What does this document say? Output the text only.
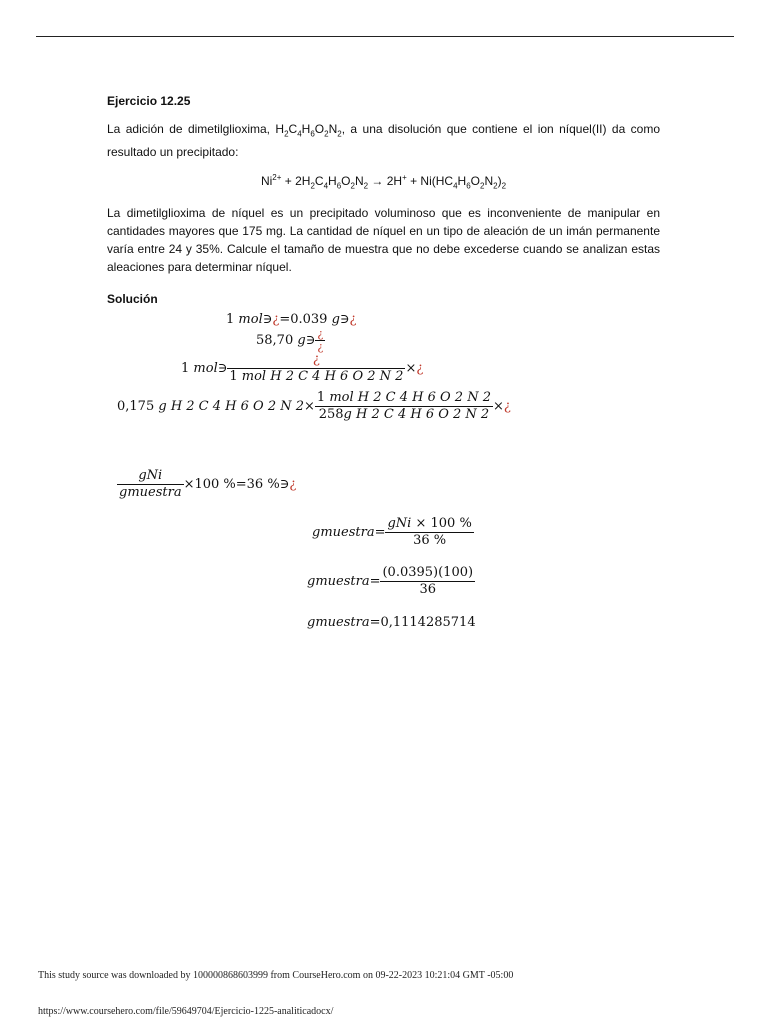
Ejercicio 12.25

La adición de dimetilglioxima, $H_2C_4H_6O_2N_2$, a una disolución que contiene el ion níquel(II) da como resultado un precipitado:

$Ni^{2+} + 2H_2C_4H_6O_2N_2 \to 2H^+ + Ni(HC_4H_6O_2N_2)_2$

La dimetilglioxima de níquel es un precipitado voluminoso que es inconveniente de manipular en cantidades mayores que 175 mg. La cantidad de níquel en un tipo de aleación de un imán permanente varía entre 24 y 35%. Calcule el tamaño de muestra que no debe excederse cuando se analizan estas aleaciones para determinar níquel.

Solución

1 mol∋¿=0.039 g∋¿
58,70 g∋ $\frac{¿}{¿}$
1 mol∋ $\frac{¿}{\text{1 mol H 2 C 4 H 6 O 2 N 2}}$ ×¿
0,175 g H 2 C 4 H 6 O 2 N $2\times \frac{\text{1 mol H 2 C 4 H 6 O 2 N 2}}{\text{258g H 2 C 4 H 6 O 2 N 2}}$ ×¿
$\frac{\text{gNi}}{\text{gmuestra}} \times 100$ %=36 %∋¿
gmuestra= $\frac{\text{gNi × 100 \%}}{36 \%}$
gmuestra= $\frac{(0.0395)(100)}{36}$
gmuestra=0,1114285714
This study source was downloaded by 100000868603999 from CourseHero.com on 09-22-2023 10:21:04 GMT -05:00
https://www.coursehero.com/file/59649704/Ejercicio-1225-analiticadocx/
